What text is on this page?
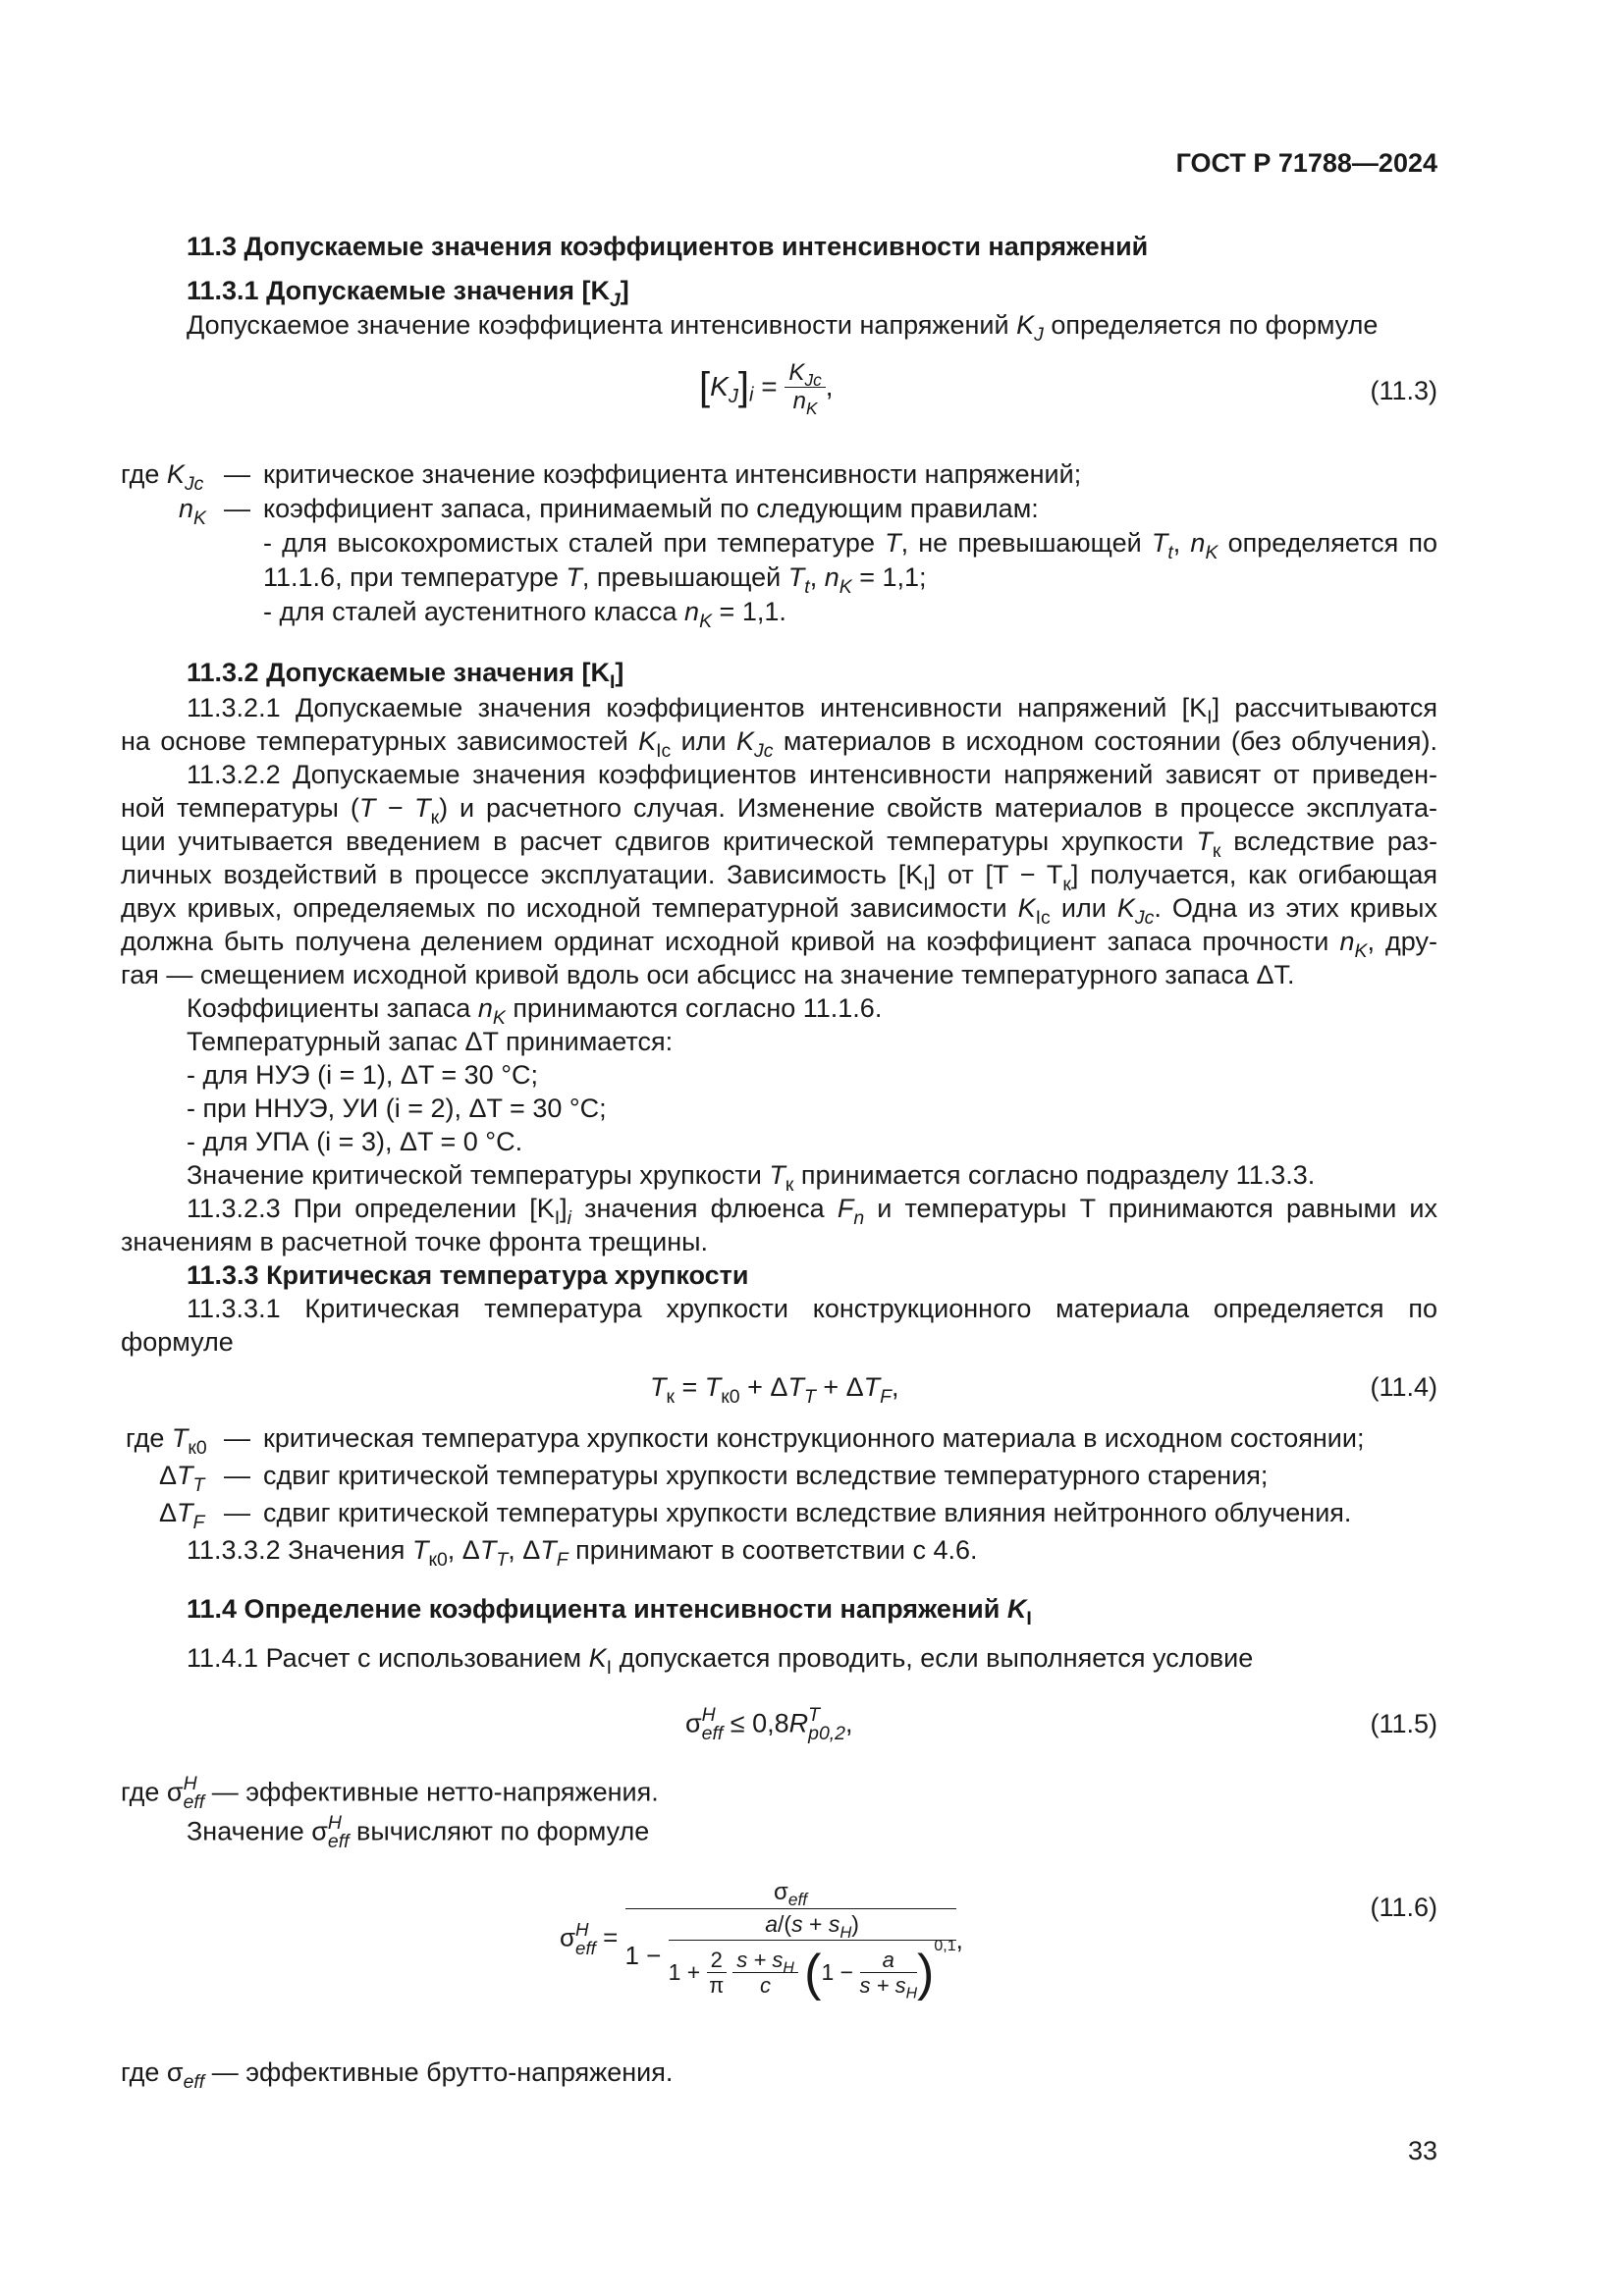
ГОСТ Р 71788—2024
11.3 Допускаемые значения коэффициентов интенсивности напряжений
11.3.1 Допускаемые значения $[K_J]$
Допускаемое значение коэффициента интенсивности напряжений $K_J$ определяется по формуле
$[K_J]_i = \frac{K_{Jc}}{n_K}$ ,	(11.3)
где $K_{Jc}$ — критическое значение коэффициента интенсивности напряжений;
$n_K$ — коэффициент запаса, принимаемый по следующим правилам:
- для высокохромистых сталей при температуре T, не превышающей $T_t$, $n_K$ определяется по
11.1.6, при температуре T, превышающей $T_t$, $n_K = 1,1$;
- для сталей аустенитного класса $n_K = 1,1$.
11.3.2 Допускаемые значения $[K_I]$
11.3.2.1 Допускаемые значения коэффициентов интенсивности напряжений $[K_I]$ рассчитываются
на основе температурных зависимостей $K_{Ic}$ или $K_{Jc}$ материалов в исходном состоянии (без облучения).
11.3.2.2 Допускаемые значения коэффициентов интенсивности напряжений зависят от приведен-
ной температуры $(T - T_к)$ и расчетного случая. Изменение свойств материалов в процессе эксплуата-
ции учитывается введением в расчет сдвигов критической температуры хрупкости $T_к$ вследствие раз-
личных воздействий в процессе эксплуатации. Зависимость $[K_I]$ от $[T - T_к]$ получается, как огибающая
двух кривых, определяемых по исходной температурной зависимости $K_{Ic}$ или $K_{Jc}$. Одна из этих кривых
должна быть получена делением ординат исходной кривой на коэффициент запаса прочности $n_K$, дру-
гая — смещением исходной кривой вдоль оси абсцисс на значение температурного запаса ΔT.
Коэффициенты запаса $n_K$ принимаются согласно 11.1.6.
Температурный запас ΔT принимается:
- для НУЭ (i = 1), ΔT = 30 °C;
- при ННУЭ, УИ (i = 2), ΔT = 30 °C;
- для УПА (i = 3), ΔT = 0 °C.
Значение критической температуры хрупкости $T_к$ принимается согласно подразделу 11.3.3.
11.3.2.3 При определении $[K_I]_i$ значения флюенса $F_n$ и температуры T принимаются равными их
значениям в расчетной точке фронта трещины.
11.3.3 Критическая температура хрупкости
11.3.3.1 Критическая температура хрупкости конструкционного материала определяется по
формуле
$T_к = T_{к0} + \Delta T_T + \Delta T_F$,	(11.4)
где $T_{к0}$ — критическая температура хрупкости конструкционного материала в исходном состоянии;
$\Delta T_T$ — сдвиг критической температуры хрупкости вследствие температурного старения;
$\Delta T_F$ — сдвиг критической температуры хрупкости вследствие влияния нейтронного облучения.
11.3.3.2 Значения $T_{к0}$, $\Delta T_T$, $\Delta T_F$ принимают в соответствии с 4.6.
11.4 Определение коэффициента интенсивности напряжений $K_I$
11.4.1 Расчет с использованием $K_I$ допускается проводить, если выполняется условие
σ H
eff ≤ 0,8R T
p0,2 ,	(11.5)
где σ H
eff — эффективные нетто-напряжения.
Значение σ H
eff вычисляют по формуле
σ H
eff =
$\sigma_{eff}$
1 −
$a/(s + s_H)$
$1 + \frac{2}{\pi}$
$\frac{s + s_H}{c} (1 - \frac{a}{s + s_H} )^{0,1}$ ,
(11.6)
где $\sigma_{eff}$ — эффективные брутто-напряжения.
33
